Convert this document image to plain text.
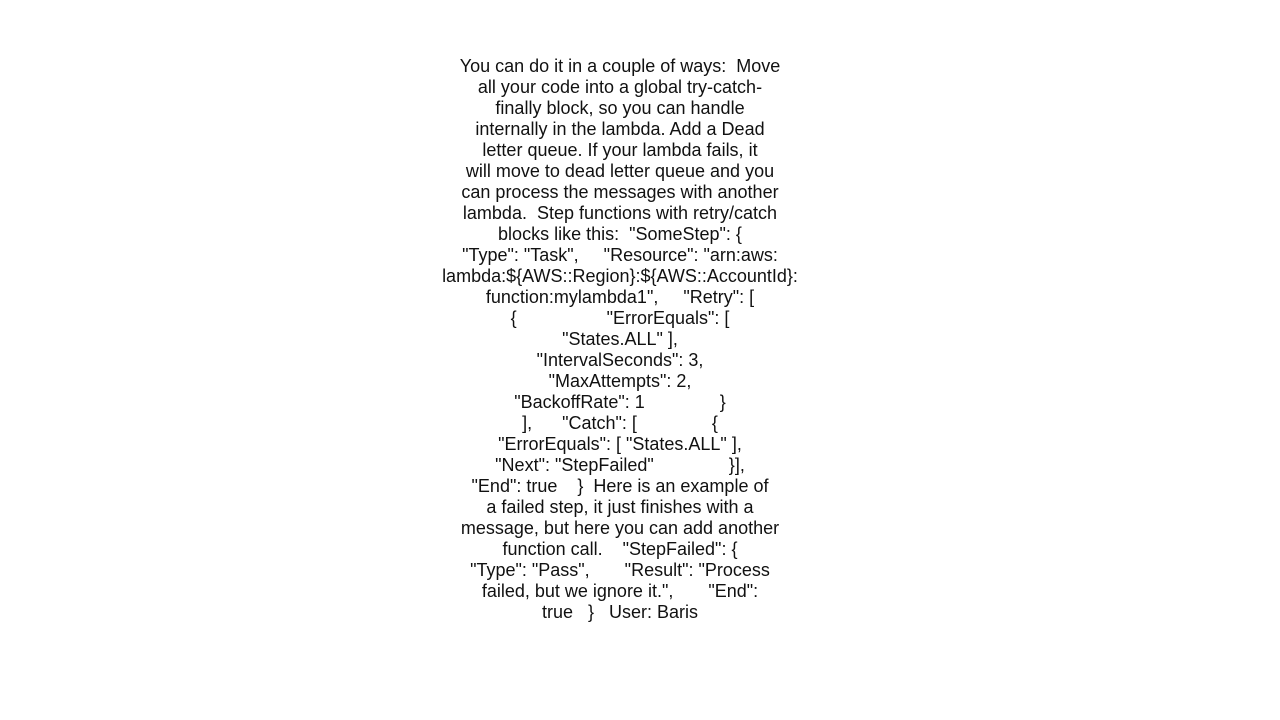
You can do it in a couple of ways:  Move
all your code into a global try-catch-
finally block, so you can handle
internally in the lambda. Add a Dead
letter queue. If your lambda fails, it
will move to dead letter queue and you
can process the messages with another
lambda.  Step functions with retry/catch
blocks like this:  "SomeStep": {
"Type": "Task",     "Resource": "arn:aws:
lambda:${AWS::Region}:${AWS::AccountId}:
function:mylambda1",     "Retry": [
{                  "ErrorEquals": [
"States.ALL" ],
"IntervalSeconds": 3,
"MaxAttempts": 2,
"BackoffRate": 1               }
],      "Catch": [               {
"ErrorEquals": [ "States.ALL" ],
"Next": "StepFailed"               }],
"End": true    }  Here is an example of
a failed step, it just finishes with a
message, but here you can add another
function call.    "StepFailed": {
"Type": "Pass",       "Result": "Process
failed, but we ignore it.",       "End":
true   }   User: Baris
